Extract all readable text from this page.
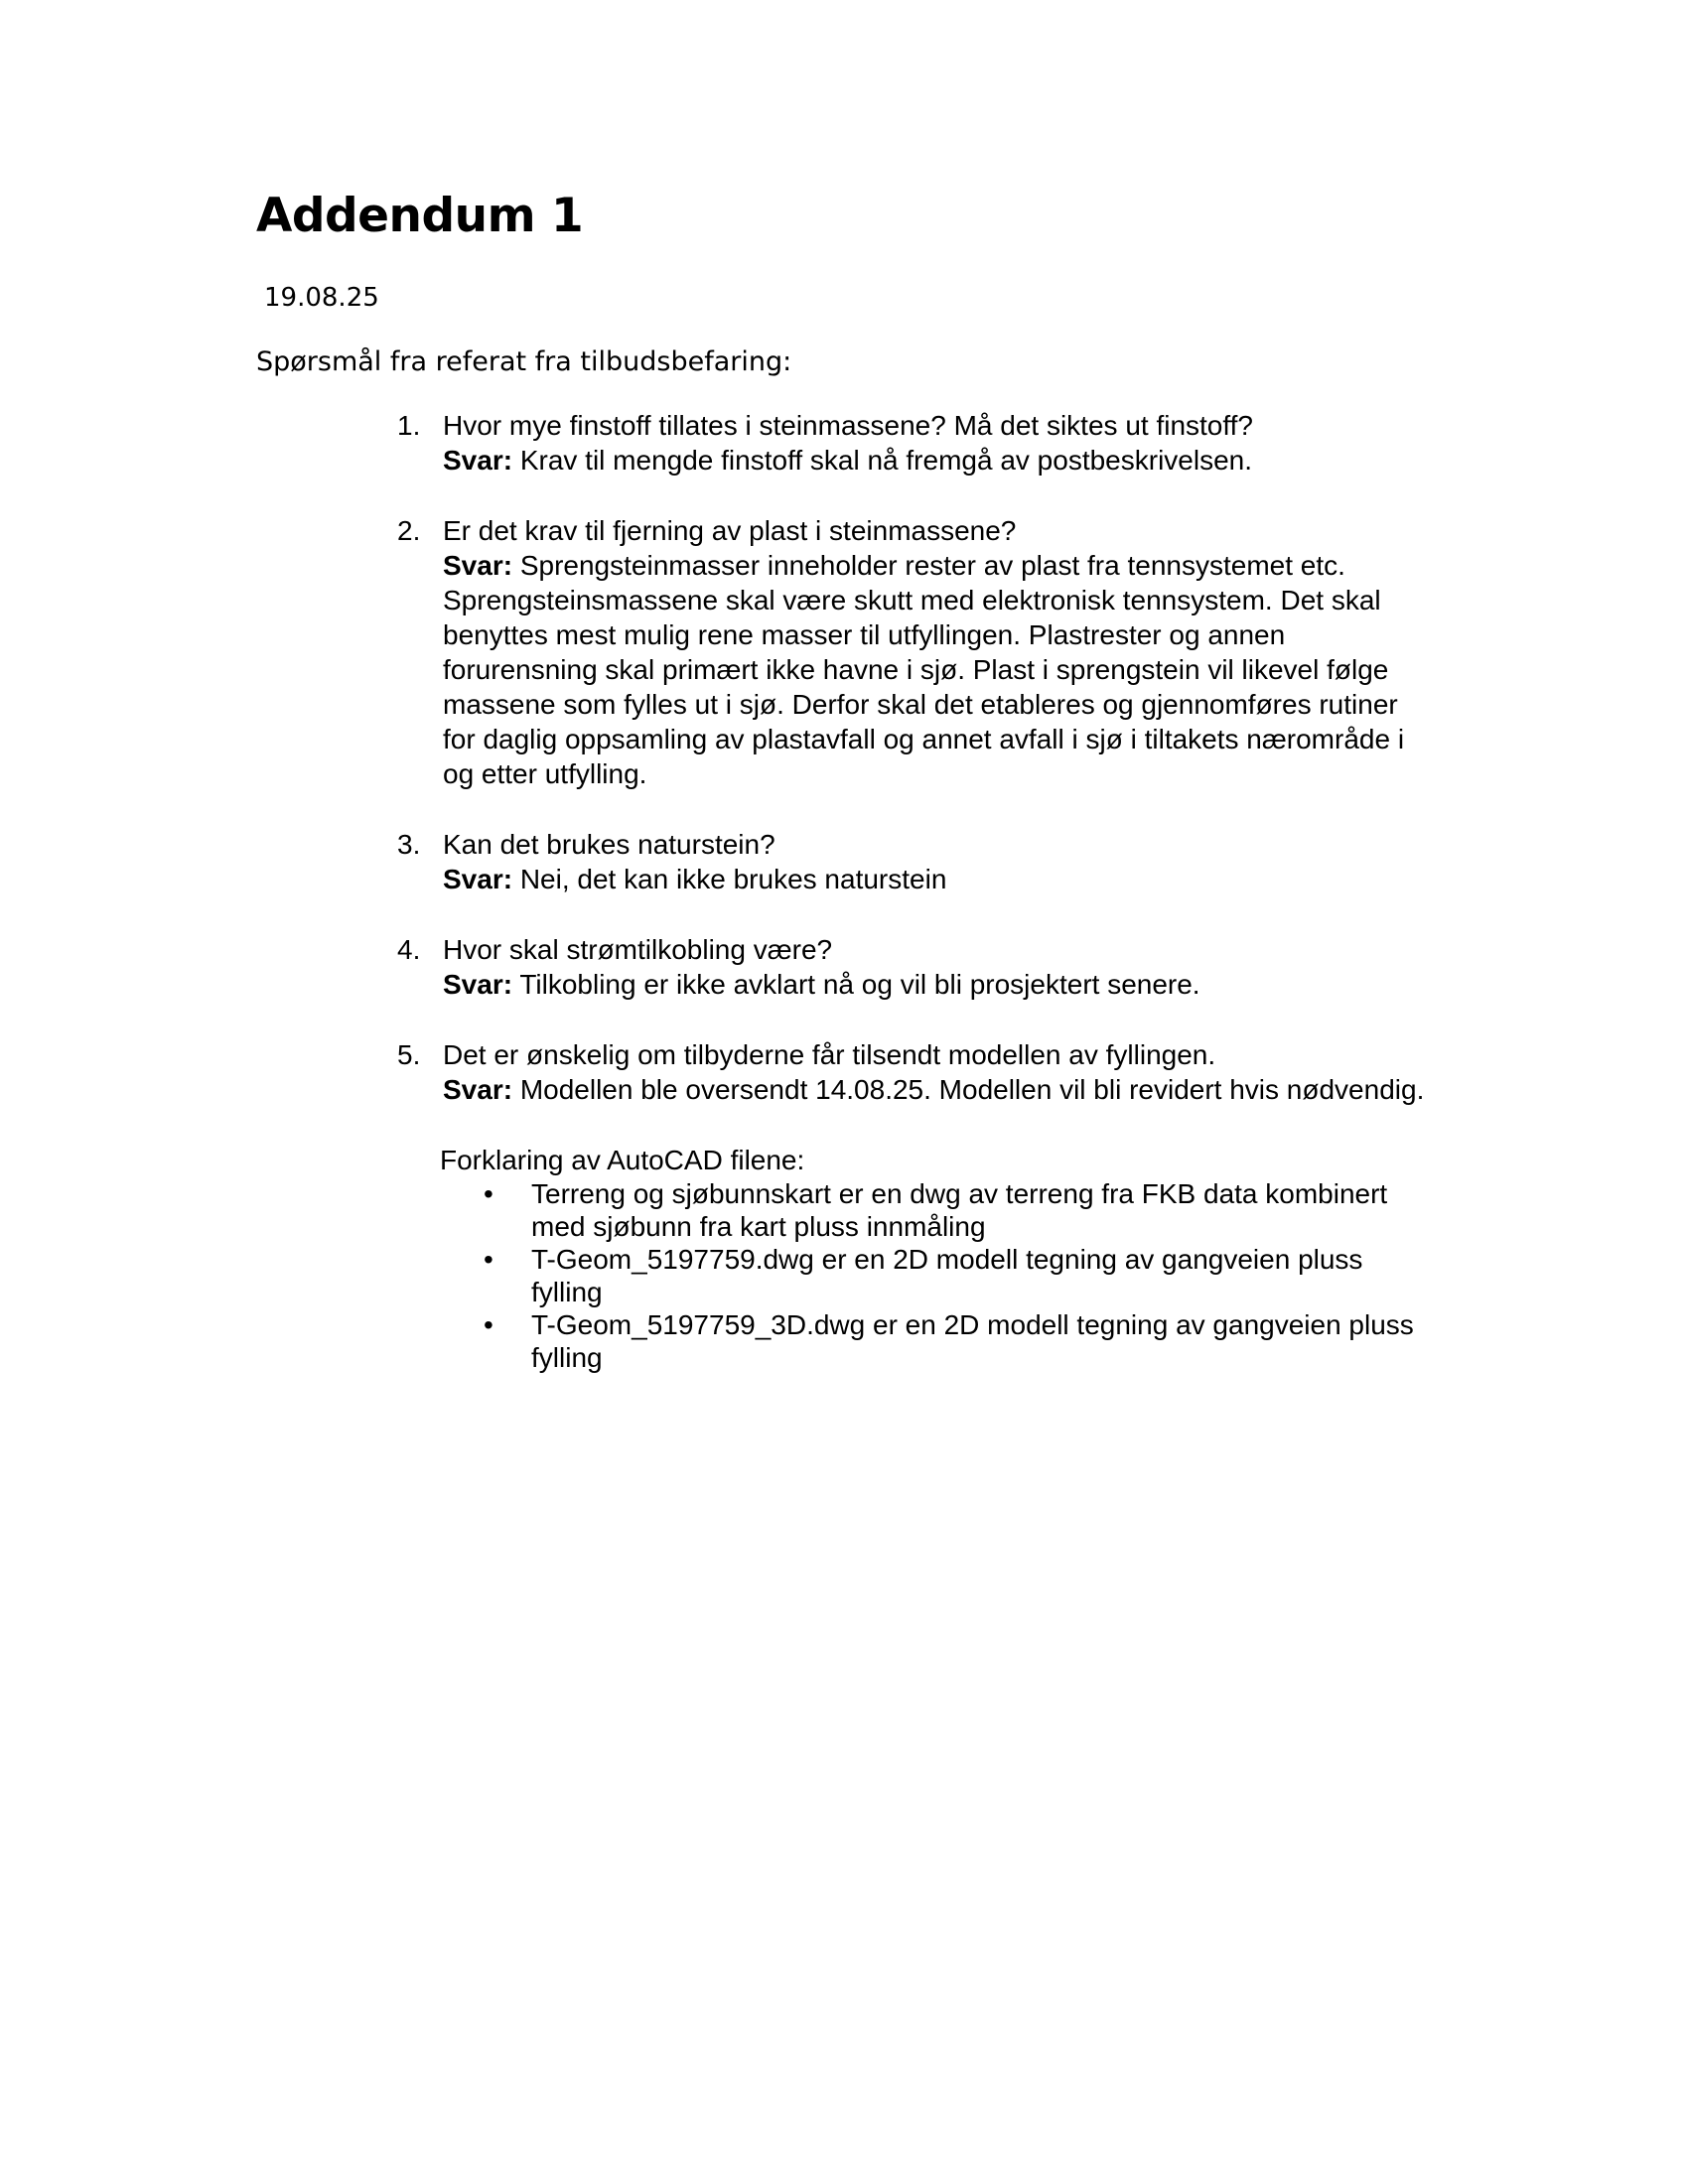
Addendum 1
19.08.25
Spørsmål fra referat fra tilbudsbefaring:
1. Hvor mye finstoff tillates i steinmassene? Må det siktes ut finstoff?
Svar: Krav til mengde finstoff skal nå fremgå av postbeskrivelsen.
2. Er det krav til fjerning av plast i steinmassene?
Svar: Sprengsteinmasser inneholder rester av plast fra tennsystemet etc. Sprengsteinsmassene skal være skutt med elektronisk tennsystem. Det skal benyttes mest mulig rene masser til utfyllingen. Plastrester og annen forurensning skal primært ikke havne i sjø. Plast i sprengstein vil likevel følge massene som fylles ut i sjø. Derfor skal det etableres og gjennomføres rutiner for daglig oppsamling av plastavfall og annet avfall i sjø i tiltakets nærområde i og etter utfylling.
3. Kan det brukes naturstein?
Svar: Nei, det kan ikke brukes naturstein
4. Hvor skal strømtilkobling være?
Svar: Tilkobling er ikke avklart nå og vil bli prosjektert senere.
5. Det er ønskelig om tilbyderne får tilsendt modellen av fyllingen.
Svar: Modellen ble oversendt 14.08.25. Modellen vil bli revidert hvis nødvendig.
Forklaring av AutoCAD filene:
• Terreng og sjøbunnskart er en dwg av terreng fra FKB data kombinert med sjøbunn fra kart pluss innmåling
• T-Geom_5197759.dwg er en 2D modell tegning av gangveien pluss fylling
• T-Geom_5197759_3D.dwg er en 2D modell tegning av gangveien pluss fylling
